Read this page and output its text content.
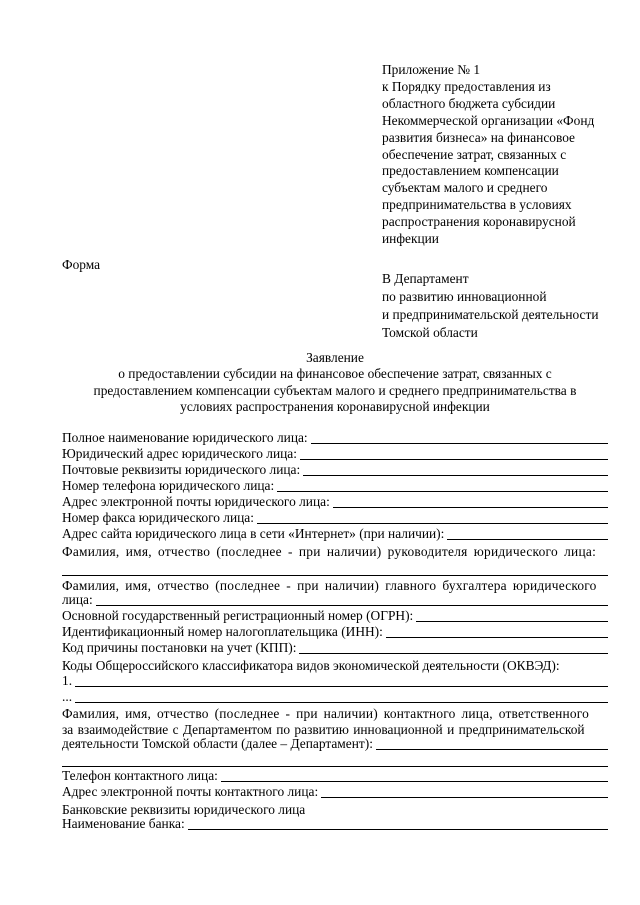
Приложение № 1
к Порядку предоставления из
областного бюджета субсидии
Некоммерческой организации «Фонд
развития бизнеса» на финансовое
обеспечение затрат, связанных с
предоставлением компенсации
субъектам малого и среднего
предпринимательства в условиях
распространения коронавирусной
инфекции
Форма
В Департамент
по развитию инновационной
и предпринимательской деятельности
Томской области
Заявление
о предоставлении субсидии на финансовое обеспечение затрат, связанных с
предоставлением компенсации субъектам малого и среднего предпринимательства в
условиях распространения коронавирусной инфекции
Полное наименование юридического лица:
Юридический адрес юридического лица:
Почтовые реквизиты юридического лица:
Номер телефона юридического лица:
Адрес электронной почты юридического лица:
Номер факса юридического лица:
Адрес сайта юридического лица в сети «Интернет» (при наличии):
Фамилия, имя, отчество (последнее - при наличии) руководителя юридического лица:
Фамилия, имя, отчество (последнее - при наличии) главного бухгалтера юридического
лица:
Основной государственный регистрационный номер (ОГРН):
Идентификационный номер налогоплательщика (ИНН):
Код причины постановки на учет (КПП):
Коды Общероссийского классификатора видов экономической деятельности (ОКВЭД):
1.
...
Фамилия, имя, отчество (последнее - при наличии) контактного лица, ответственного
за взаимодействие с Департаментом по развитию инновационной и предпринимательской
деятельности Томской области (далее – Департамент):
Телефон контактного лица:
Адрес электронной почты контактного лица:
Банковские реквизиты юридического лица
Наименование банка:
